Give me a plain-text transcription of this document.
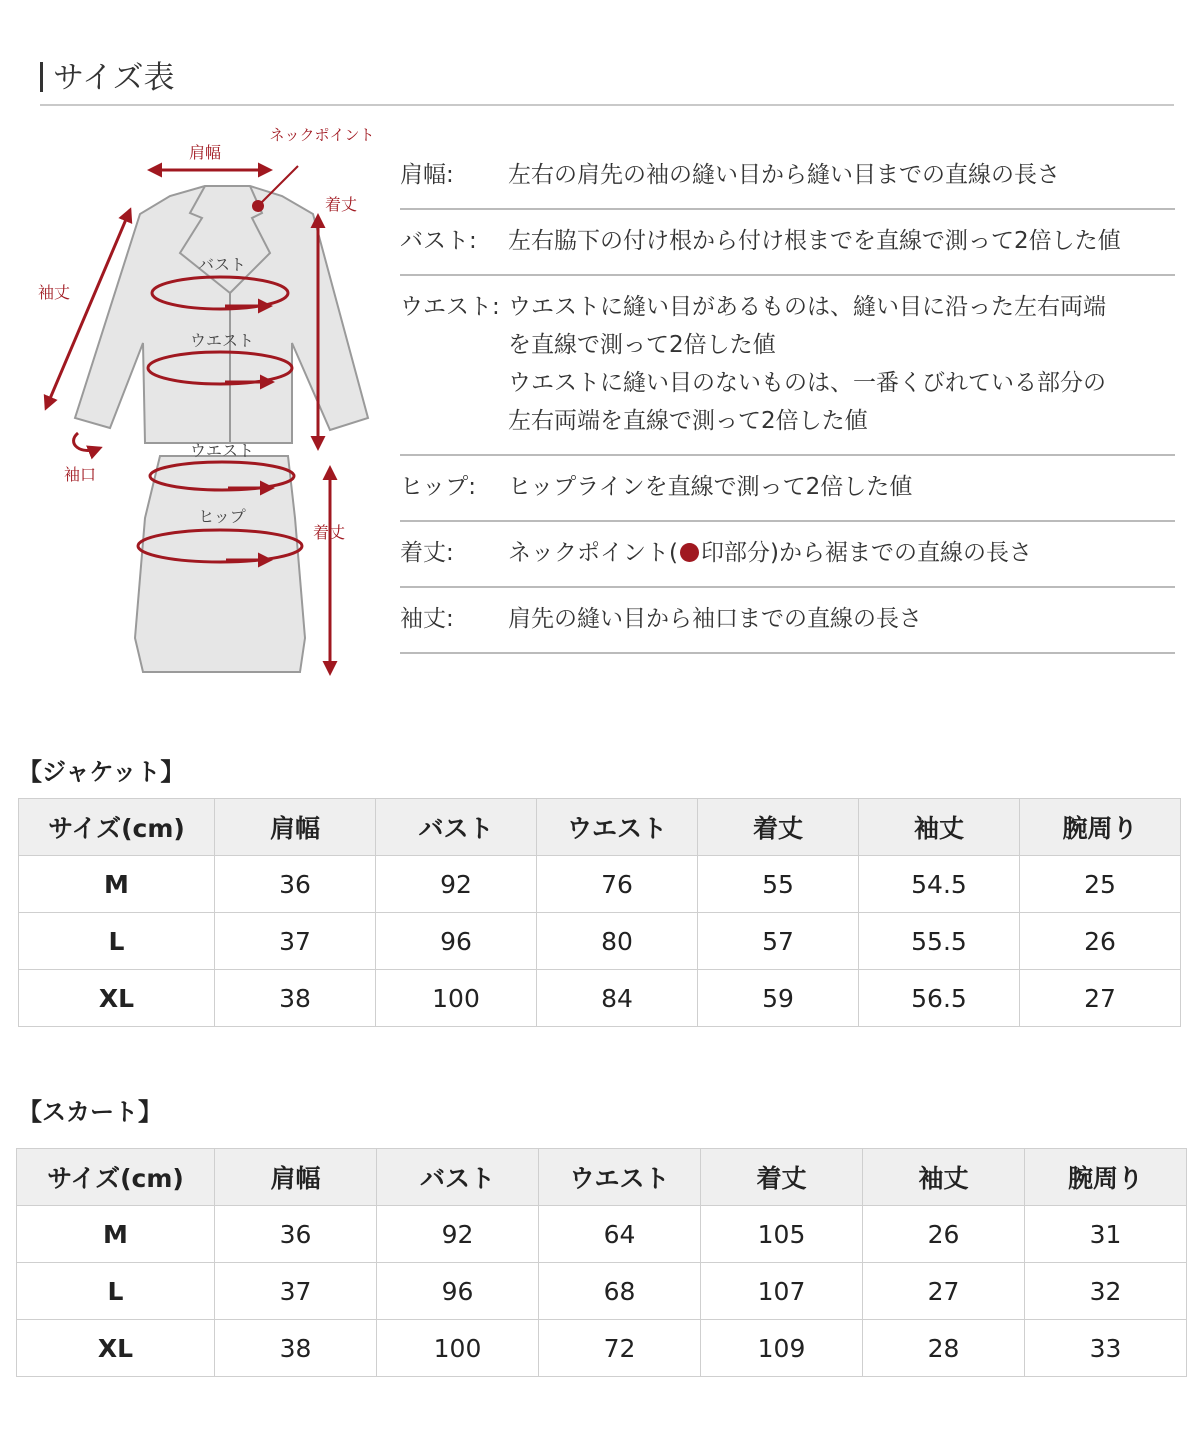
サイズ表
肩幅
ネックポイント
着丈
袖丈
バスト
ウエスト
袖口
ウエスト
ヒップ
着丈
肩幅:	左右の肩先の袖の縫い目から縫い目までの直線の長さ
バスト:	左右脇下の付け根から付け根までを直線で測って2倍した値
ウエスト: ウエストに縫い目があるものは、縫い目に沿った左右両端
を直線で測って2倍した値
ウエストに縫い目のないものは、一番くびれている部分の
左右両端を直線で測って2倍した値
ヒップ:	ヒップラインを直線で測って2倍した値
着丈:	ネックポイント( 印部分)から裾までの直線の長さ
袖丈:	肩先の縫い目から袖口までの直線の長さ
【ジャケット】
サイズ(cm)	肩幅	バスト	ウエスト	着丈	袖丈	腕周り
M	36	92	76	55	54.5	25
L	37	96	80	57	55.5	26
XL	38	100	84	59	56.5	27
【スカート】
サイズ(cm)	肩幅	バスト	ウエスト	着丈	袖丈	腕周り
M	36	92	64	105	26	31
L	37	96	68	107	27	32
XL	38	100	72	109	28	33
